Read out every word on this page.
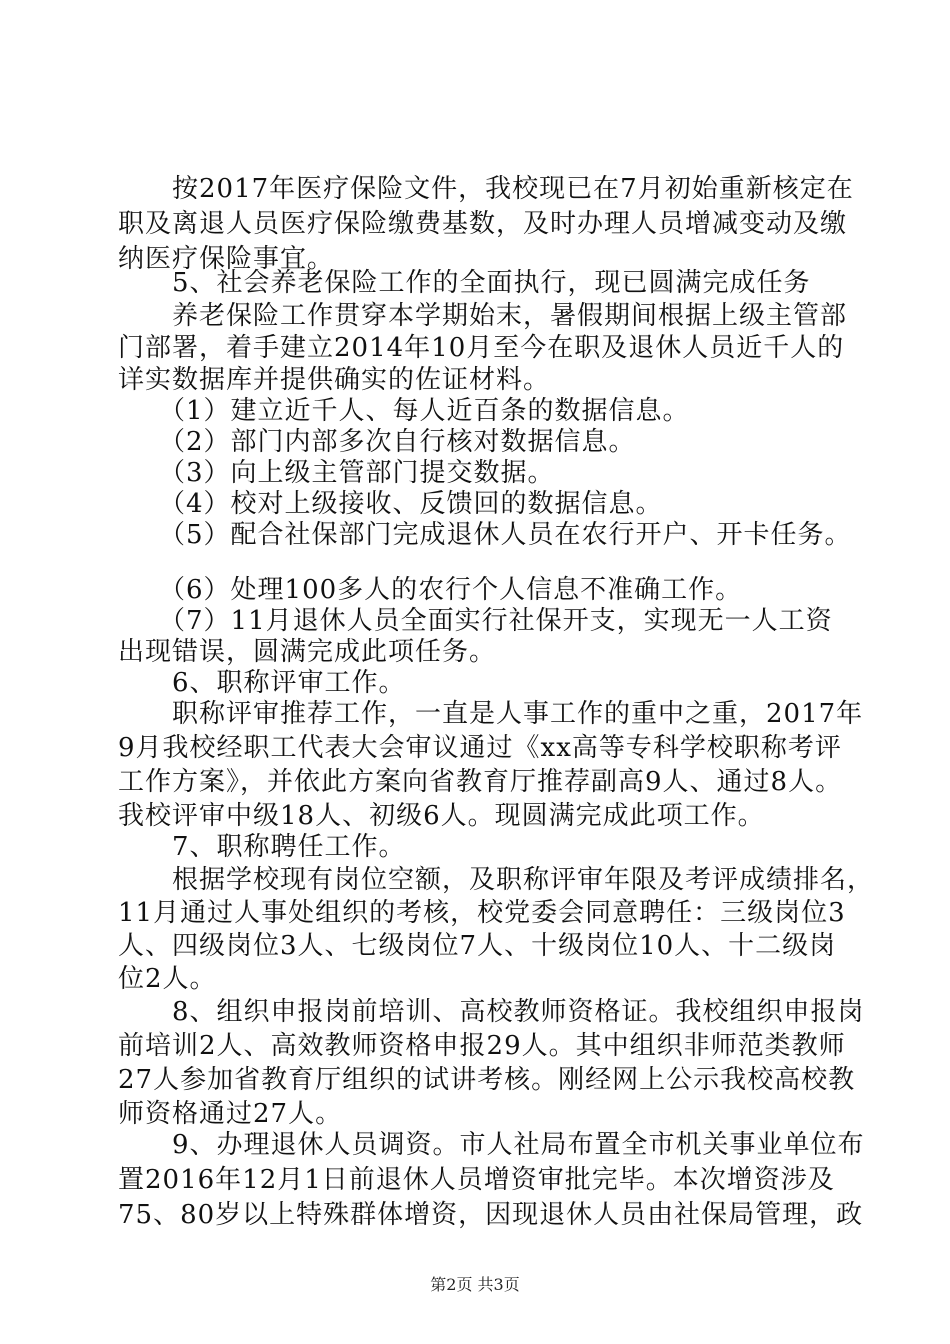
　　按2017年医疗保险文件，我校现已在7月初始重新核定在
职及离退人员医疗保险缴费基数，及时办理人员增减变动及缴
纳医疗保险事宜。
　　5、社会养老保险工作的全面执行，现已圆满完成任务
　　养老保险工作贯穿本学期始末，暑假期间根据上级主管部
门部署，着手建立2014年10月至今在职及退休人员近千人的
详实数据库并提供确实的佐证材料。
　　（1）建立近千人、每人近百条的数据信息。
　　（2）部门内部多次自行核对数据信息。
　　（3）向上级主管部门提交数据。
　　（4）校对上级接收、反馈回的数据信息。
　　（5）配合社保部门完成退休人员在农行开户、开卡任务。
　　（6）处理100多人的农行个人信息不准确工作。
　　（7）11月退休人员全面实行社保开支，实现无一人工资
出现错误，圆满完成此项任务。
　　6、职称评审工作。
　　职称评审推荐工作，一直是人事工作的重中之重，2017年
9月我校经职工代表大会审议通过《xx高等专科学校职称考评
工作方案》，并依此方案向省教育厅推荐副高9人、通过8人。
我校评审中级18人、初级6人。现圆满完成此项工作。
　　7、职称聘任工作。
　　根据学校现有岗位空额，及职称评审年限及考评成绩排名，
11月通过人事处组织的考核，校党委会同意聘任：三级岗位3
人、四级岗位3人、七级岗位7人、十级岗位10人、十二级岗
位2人。
　　8、组织申报岗前培训、高校教师资格证。我校组织申报岗
前培训2人、高效教师资格申报29人。其中组织非师范类教师
27人参加省教育厅组织的试讲考核。刚经网上公示我校高校教
师资格通过27人。
　　9、办理退休人员调资。市人社局布置全市机关事业单位布
置2016年12月1日前退休人员增资审批完毕。本次增资涉及
75、80岁以上特殊群体增资，因现退休人员由社保局管理，政
第2页 共3页
